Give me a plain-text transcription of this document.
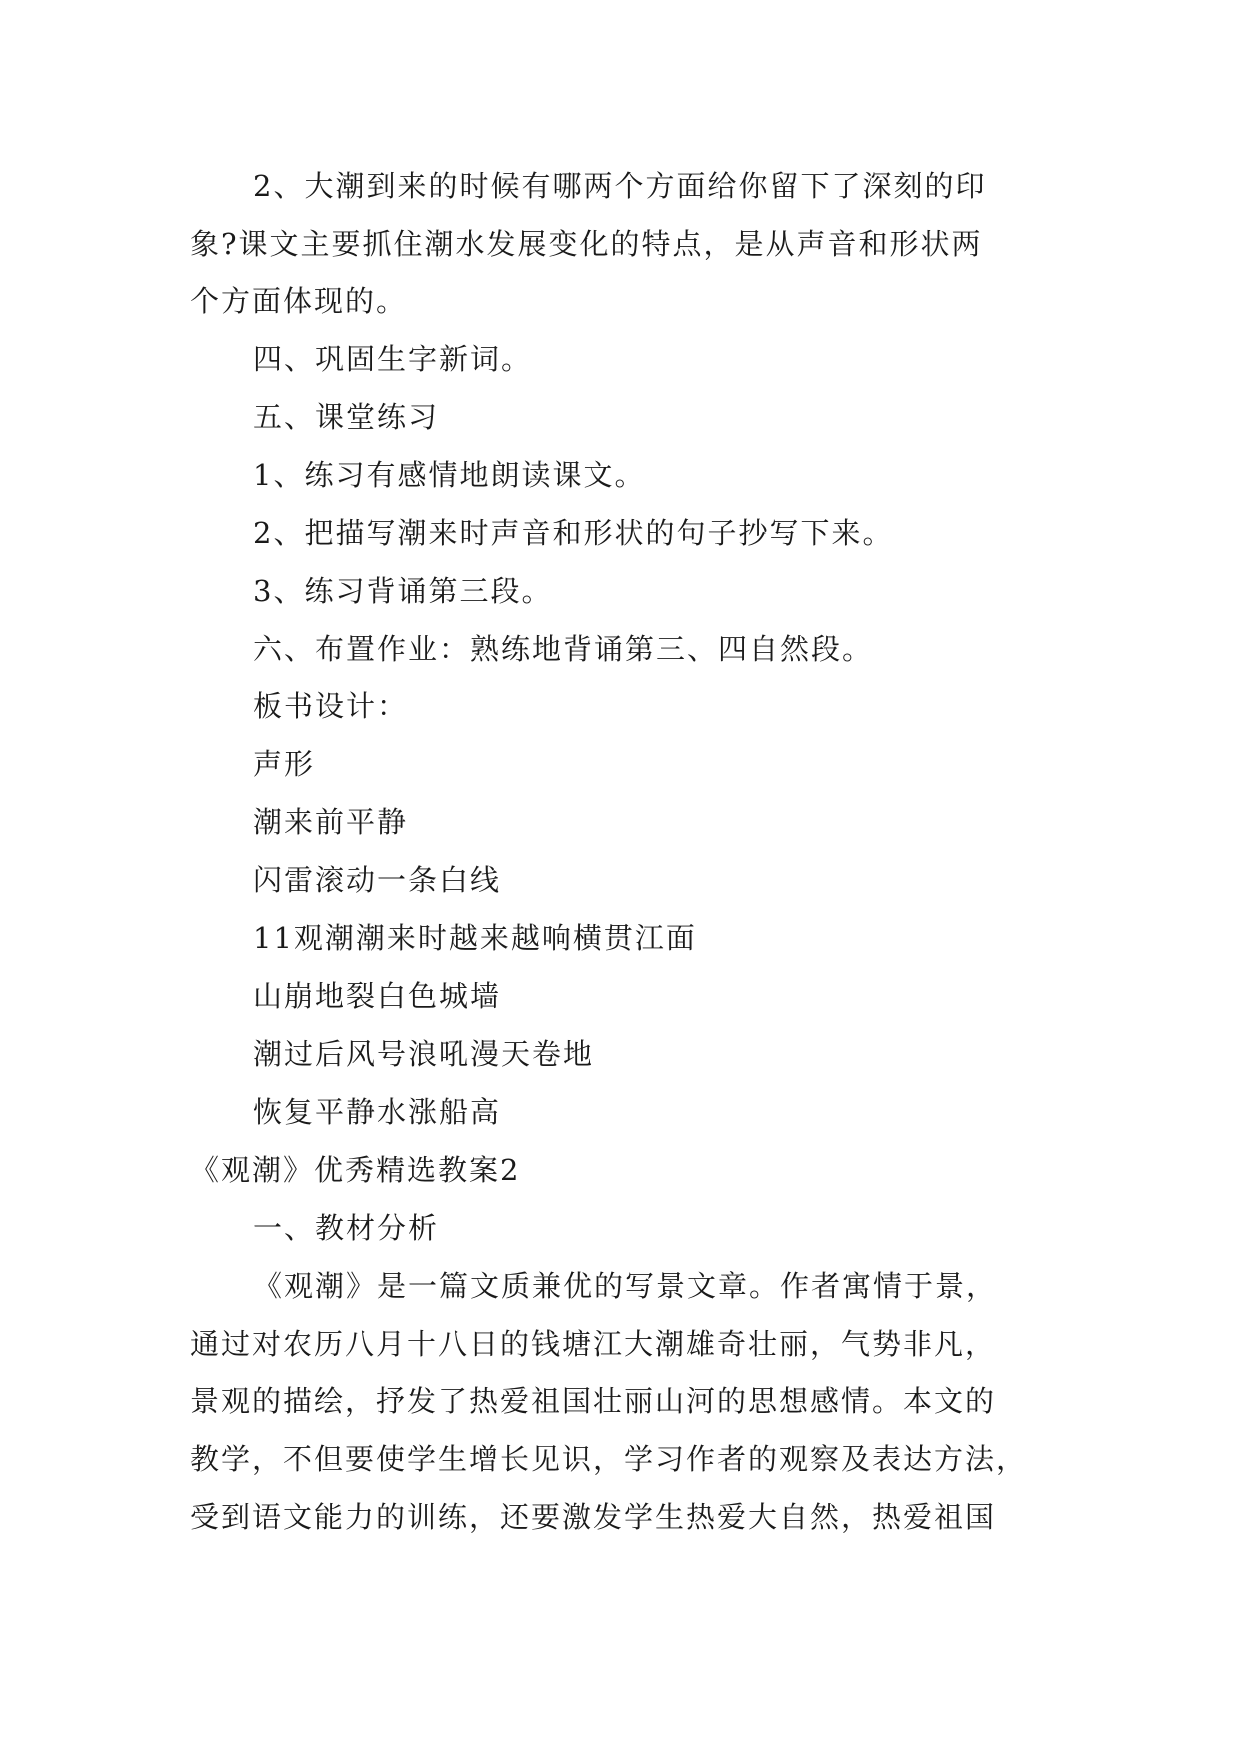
2、大潮到来的时候有哪两个方面给你留下了深刻的印
象?课文主要抓住潮水发展变化的特点，是从声音和形状两
个方面体现的。
四、巩固生字新词。
五、课堂练习
1、练习有感情地朗读课文。
2、把描写潮来时声音和形状的句子抄写下来。
3、练习背诵第三段。
六、布置作业：熟练地背诵第三、四自然段。
板书设计：
声形
潮来前平静
闪雷滚动一条白线
11观潮潮来时越来越响横贯江面
山崩地裂白色城墙
潮过后风号浪吼漫天卷地
恢复平静水涨船高
《观潮》优秀精选教案2
一、教材分析
《观潮》是一篇文质兼优的写景文章。作者寓情于景，
通过对农历八月十八日的钱塘江大潮雄奇壮丽，气势非凡，
景观的描绘，抒发了热爱祖国壮丽山河的思想感情。本文的
教学，不但要使学生增长见识，学习作者的观察及表达方法，
受到语文能力的训练，还要激发学生热爱大自然，热爱祖国
